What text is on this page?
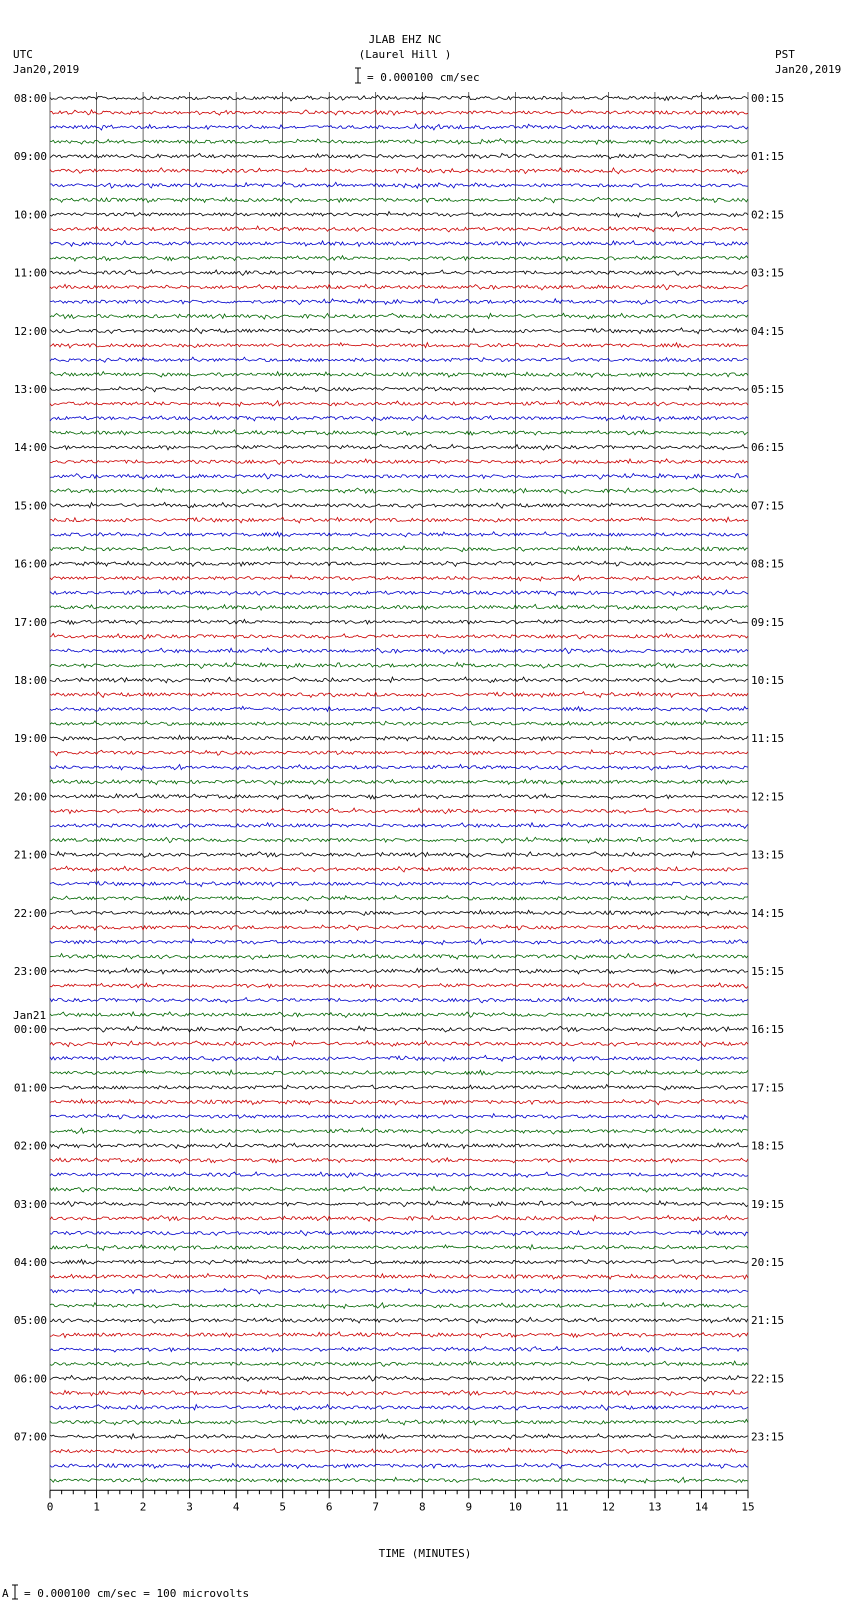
JLAB EHZ NC
(Laurel Hill )
UTC
Jan20,2019
PST
Jan20,2019
= 0.000100 cm/sec
08:00	00:15
09:00	01:15
10:00	02:15
11:00	03:15
12:00	04:15
13:00	05:15
14:00	06:15
15:00	07:15
16:00	08:15
17:00	09:15
18:00	10:15
19:00	11:15
20:00	12:15
21:00	13:15
22:00	14:15
23:00	15:15
00:00	16:15
Jan21
01:00	17:15
02:00	18:15
03:00	19:15
04:00	20:15
05:00	21:15
06:00	22:15
07:00	23:15
0	1	2	3	4	5	6	7	8	9	10	11	12	13	14	15
TIME (MINUTES)
A = 0.000100 cm/sec = 100 microvolts
